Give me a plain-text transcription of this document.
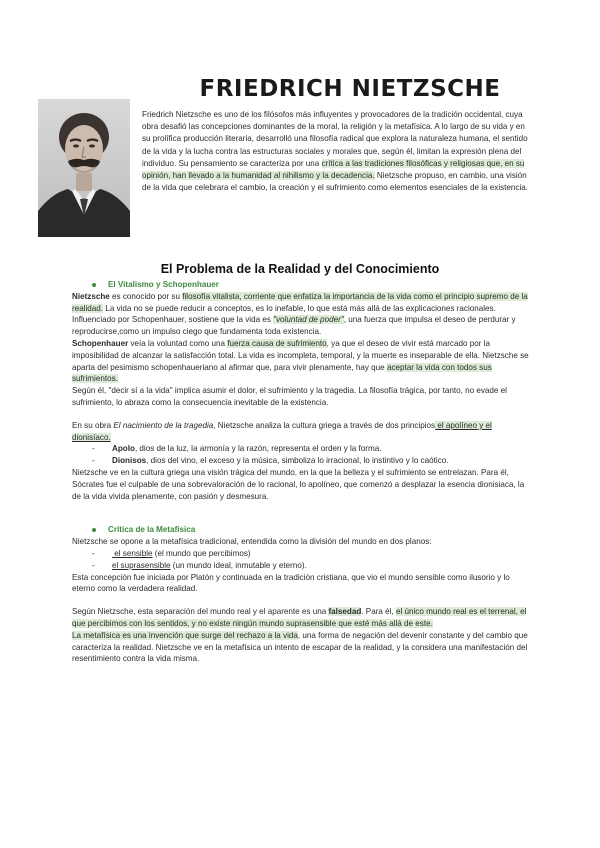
FRIEDRICH NIETZSCHE
Friedrich Nietzsche es uno de los filósofos más influyentes y provocadores de la tradición occidental, cuya obra desafió las concepciones dominantes de la moral, la religión y la metafísica. A lo largo de su vida y en su prolífica producción literaria, desarrolló una filosofía radical que explora la naturaleza humana, el sentido de la vida y la lucha contra las estructuras sociales y morales que, según él, limitan la expresión plena del individuo. Su pensamiento se caracteriza por una crítica a las tradiciones filosóficas y religiosas que, en su opinión, han llevado a la humanidad al nihilismo y la decadencia. Nietzsche propuso, en cambio, una visión de la vida que celebrara el cambio, la creación y el sufrimiento como elementos esenciales de la existencia.
El Problema de la Realidad y del Conocimiento

El Vitalismo y Schopenhauer

Nietzsche es conocido por su filosofía vitalista, corriente que enfatiza la importancia de la vida como el principio supremo de la realidad. La vida no se puede reducir a conceptos, es lo inefable, lo que está más allá de las explicaciones racionales. Influenciado por Schopenhauer, sostiene que la vida es "voluntad de poder", una fuerza que impulsa el deseo de perdurar y reproducirse,como un impulso ciego que fundamenta toda existencia.

Schopenhauer veía la voluntad como una fuerza causa de sufrimiento, ya que el deseo de vivir está marcado por la imposibilidad de alcanzar la satisfacción total. La vida es incompleta, temporal, y la muerte es inseparable de ella. Nietzsche se aparta del pesimismo schopenhaueriano al afirmar que, para vivir plenamente, hay que aceptar la vida con todos sus sufrimientos.

Según él, "decir sí a la vida" implica asumir el dolor, el sufrimiento y la tragedia. La filosofía trágica, por tanto, no evade el sufrimiento, lo abraza como la consecuencia inevitable de la existencia.

En su obra El nacimiento de la tragedia, Nietzsche analiza la cultura griega a través de dos principios el apolíneo y el dionisíaco.

- Apolo, dios de la luz, la armonía y la razón, representa el orden y la forma.

- Dionisos, dios del vino, el exceso y la música, simboliza lo irracional, lo instintivo y lo caótico.

Nietzsche ve en la cultura griega una visión trágica del mundo, en la que la belleza y el sufrimiento se entrelazan. Para él, Sócrates fue el culpable de una sobrevaloración de lo racional, lo apolíneo, que comenzó a desplazar la esencia dionisiaca, la de la vida vivida plenamente, con pasión y desmesura.

Crítica de la Metafísica

Nietzsche se opone a la metafísica tradicional, entendida como la división del mundo en dos planos:

- el sensible (el mundo que percibimos)

- el suprasensible (un mundo ideal, inmutable y eterno).

Esta concepción fue iniciada por Platón y continuada en la tradición cristiana, que vio el mundo sensible como ilusorio y lo eterno como la verdadera realidad.

Según Nietzsche, esta separación del mundo real y el aparente es una falsedad. Para él, el único mundo real es el terrenal, el que percibimos con los sentidos, y no existe ningún mundo suprasensible que esté más allá de este.

La metafísica es una invención que surge del rechazo a la vida, una forma de negación del devenir constante y del cambio que caracteriza la realidad. Nietzsche ve en la metafísica un intento de escapar de la realidad, y la considera una manifestación del resentimiento contra la vida misma.
